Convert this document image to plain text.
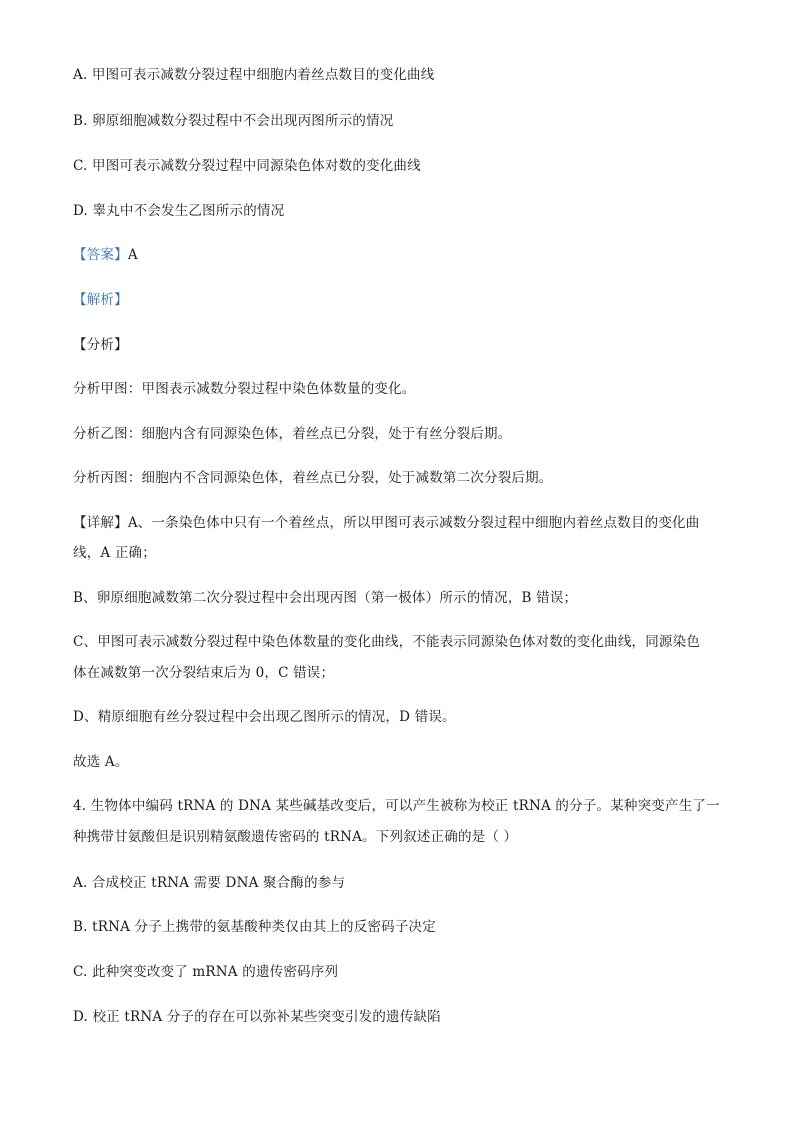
A. 甲图可表示减数分裂过程中细胞内着丝点数目的变化曲线
B. 卵原细胞减数分裂过程中不会出现丙图所示的情况
C. 甲图可表示减数分裂过程中同源染色体对数的变化曲线
D. 睾丸中不会发生乙图所示的情况
【答案】A
【解析】
【分析】
分析甲图：甲图表示减数分裂过程中染色体数量的变化。
分析乙图：细胞内含有同源染色体，着丝点已分裂，处于有丝分裂后期。
分析丙图：细胞内不含同源染色体，着丝点已分裂，处于减数第二次分裂后期。
【详解】A、一条染色体中只有一个着丝点，所以甲图可表示减数分裂过程中细胞内着丝点数目的变化曲
线，A 正确；
B、卵原细胞减数第二次分裂过程中会出现丙图（第一极体）所示的情况，B 错误；
C、甲图可表示减数分裂过程中染色体数量的变化曲线，不能表示同源染色体对数的变化曲线，同源染色
体在减数第一次分裂结束后为 0，C 错误；
D、精原细胞有丝分裂过程中会出现乙图所示的情况，D 错误。
故选 A。
4. 生物体中编码 tRNA 的 DNA 某些碱基改变后，可以产生被称为校正 tRNA 的分子。某种突变产生了一
种携带甘氨酸但是识别精氨酸遗传密码的 tRNA。下列叙述正确的是（ ）
A. 合成校正 tRNA 需要 DNA 聚合酶的参与
B. tRNA 分子上携带的氨基酸种类仅由其上的反密码子决定
C. 此种突变改变了 mRNA 的遗传密码序列
D. 校正 tRNA 分子的存在可以弥补某些突变引发的遗传缺陷
